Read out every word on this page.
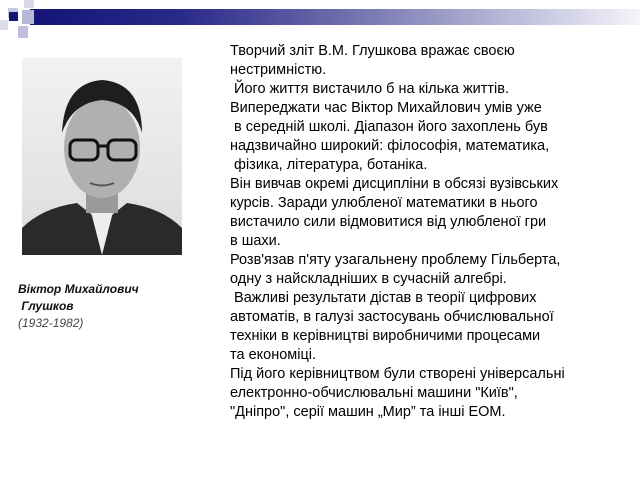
Віктор Михайлович
Глушков
(1932-1982)
Творчий зліт В.М. Глушкова вражає своєю
нестримністю.
Його життя вистачило б на кілька життів.
Випереджати час Віктор Михайлович умів уже
в середній школі. Діапазон його захоплень був
надзвичайно широкий: філософія, математика,
фізика, література, ботаніка.
Він вивчав окремі дисципліни в обсязі вузівських
курсів. Заради улюбленої математики в нього
вистачило сили відмовитися від улюбленої гри
в шахи.
Розв'язав п'яту узагальнену проблему Гільберта,
одну з найскладніших в сучасній алгебрі.
Важливі результати дістав в теорії цифрових
автоматів, в галузі застосувань обчислювальної
техніки в керівництві виробничими процесами
та економіці.
Під його керівництвом були створені універсальні
електронно-обчислювальні машини "Київ",
"Дніпро", серії машин „Мир” та інші ЕОМ.
